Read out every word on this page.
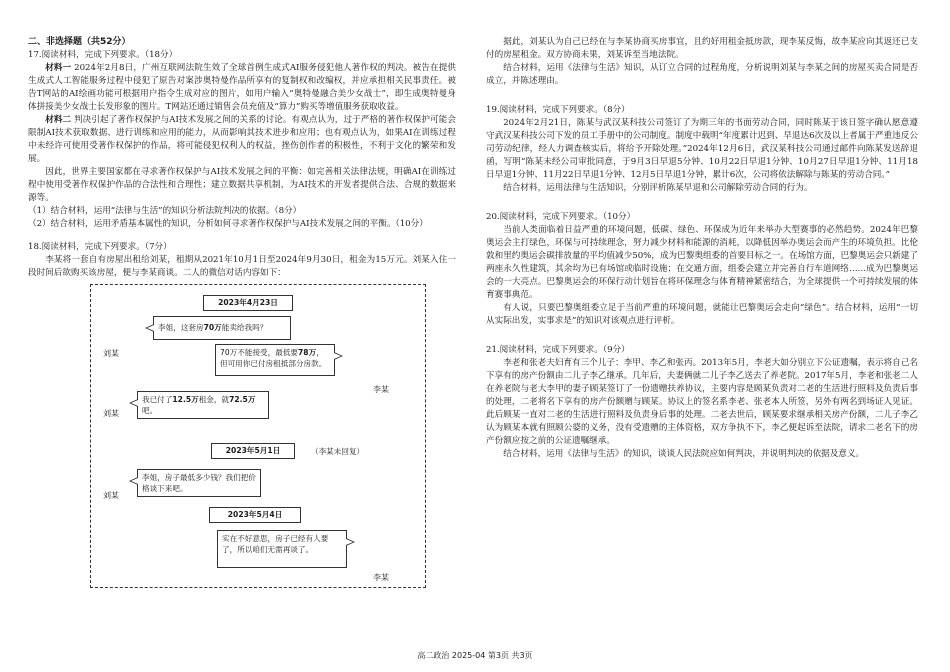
二、非选择题（共52分）

17.阅读材料，完成下列要求。（18分）

材料一 2024年2月8日，广州互联网法院生效了全球首例生成式AI服务侵犯他人著作权的判决。被告在提供生成式人工智能服务过程中侵犯了原告对案涉奥特曼作品所享有的复制权和改编权，并应承担相关民事责任。被告T网站的AI绘画功能可根据用户指令生成对应的图片，如用户输入“奥特曼融合美少女战士”，即生成奥特曼身体拼接美少女战士长发形象的图片。T网站还通过销售会员充值及“算力”购买等增值服务获取收益。

材料二 判决引起了著作权保护与AI技术发展之间的关系的讨论。有观点认为，过于严格的著作权保护可能会限制AI技术获取数据、进行训练和应用的能力，从而影响其技术进步和应用；也有观点认为，如果AI在训练过程中未经许可使用受著作权保护的作品，将可能侵犯权利人的权益，挫伤创作者的积极性，不利于文化的繁荣和发展。

因此，世界主要国家都在寻求著作权保护与AI技术发展之间的平衡：如完善相关法律法规，明确AI在训练过程中使用受著作权保护作品的合法性和合理性；建立数据共享机制，为AI技术的开发者提供合法、合规的数据来源等。

（1）结合材料，运用“法律与生活”的知识分析法院判决的依据。（8分）

（2）结合材料，运用矛盾基本属性的知识，分析如何寻求著作权保护与AI技术发展之间的平衡。（10分）

18.阅读材料，完成下列要求。（7分）

李某将一套自有房屋出租给刘某，租期从2021年10月1日至2024年9月30日，租金为15万元。刘某入住一段时间后欲购买该房屋，便与李某商谈。二人的微信对话内容如下：

2023年4月23日
李姐，这套房70万能卖给我吗？
刘某	70万不能接受，最低要78万，但可用你已付房租抵部分房款。
李某
我已付了12.5万租金，就72.5万吧。
刘某
2023年5月1日	（李某未回复）
李姐，房子最低多少钱？我们把价格谈下来吧。
刘某
2023年5月4日
实在不好意思，房子已经有人要了，所以咱们无需再谈了。
李某

据此，刘某认为自己已经在与李某协商买房事宜，且约好用租金抵房款，现李某反悔，故李某应向其返还已支付的房屋租金。双方协商未果，刘某诉至当地法院。

结合材料，运用《法律与生活》知识，从订立合同的过程角度，分析说明刘某与李某之间的房屋买卖合同是否成立，并陈述理由。

19.阅读材料，完成下列要求。（8分）

2024年2月21日，陈某与武汉某科技公司签订了为期三年的书面劳动合同，同时陈某于该日签字确认愿意遵守武汉某科技公司下发的员工手册中的公司制度。制度中载明“年度累计迟到、早退达6次及以上者属于严重违反公司劳动纪律，经人力调查核实后，将给予开除处理。”2024年12月6日，武汉某科技公司通过邮件向陈某发送辞退函，写明“陈某未经公司审批同意，于9月3日早退5分钟、10月22日早退1分钟、10月27日早退1分钟、11月18日早退1分钟、11月22日早退1分钟、12月5日早退1分钟，累计6次，公司将依法解除与陈某的劳动合同。”

结合材料，运用法律与生活知识，分别评析陈某早退和公司解除劳动合同的行为。

20.阅读材料，完成下列要求。（10分）

当前人类面临着日益严重的环境问题，低碳、绿色、环保成为近年来举办大型赛事的必然趋势。2024年巴黎奥运会主打绿色，环保与可持续理念，努力减少材料和能源的消耗，以降低因举办奥运会而产生的环境负担。比伦敦和里约奥运会碳排放量的平均值减少50%，成为巴黎奥组委的首要目标之一。在场馆方面，巴黎奥运会只新建了两座永久性建筑，其余均为已有场馆或临时设施；在交通方面，组委会建立并完善自行车道网络……成为巴黎奥运会的一大亮点。巴黎奥运会的环保行动计划旨在将环保理念与体育精神紧密结合，为全球提供一个可持续发展的体育赛事典范。

有人说，只要巴黎奥组委立足于当前严重的环境问题，就能让巴黎奥运会走向“绿色”。结合材料，运用“一切从实际出发，实事求是”的知识对该观点进行评析。

21.阅读材料，完成下列要求。（9分）

李老和张老夫妇育有三个儿子：李甲、李乙和张丙。2013年5月，李老大如分别立下公证遗嘱，表示将自己名下享有的房产份额由二儿子李乙继承。几年后，夫妻俩就二儿子李乙送去了养老院。2017年5月，李老和张老二人在养老院与老大李甲的妻子顾某签订了一份遗赠扶养协议，主要内容是顾某负责对二老的生活进行照料及负责后事的处理，二老将名下享有的房产份额赠与顾某。协议上的签名系李老、张老本人所签，另外有两名到场证人见证。此后顾某一直对二老的生活进行照料及负责身后事的处理。二老去世后，顾某要求继承相关房产份额，二儿子李乙认为顾某本就有照顾公婆的义务，没有受遗赠的主体资格，双方争执不下，李乙便起诉至法院，请求二老名下的房产份额应按之前的公证遗嘱继承。

结合材料，运用《法律与生活》的知识，谈谈人民法院应如何判决，并说明判决的依据及意义。

高二政治 2025-04 第3页 共3页
